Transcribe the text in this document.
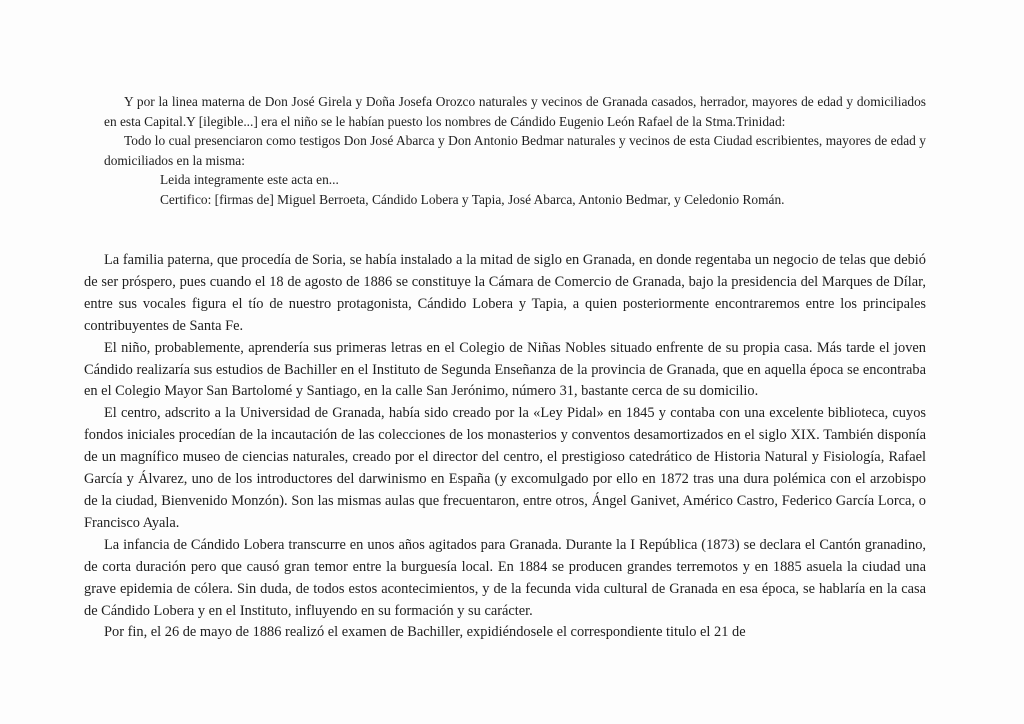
Y por la linea materna de Don José Girela y Doña Josefa Orozco naturales y vecinos de Granada casados, herrador, mayores de edad y domiciliados en esta Capital.Y [ilegible...] era el niño se le habían puesto los nombres de Cándido Eugenio León Rafael de la Stma.Trinidad:

Todo lo cual presenciaron como testigos Don José Abarca y Don Antonio Bedmar naturales y vecinos de esta Ciudad escribientes, mayores de edad y domiciliados en la misma:

Leida integramente este acta en...

Certifico: [firmas de] Miguel Berroeta, Cándido Lobera y Tapia, José Abarca, Antonio Bedmar, y Celedonio Román.

La familia paterna, que procedía de Soria, se había instalado a la mitad de siglo en Granada, en donde regentaba un negocio de telas que debió de ser próspero, pues cuando el 18 de agosto de 1886 se constituye la Cámara de Comercio de Granada, bajo la presidencia del Marques de Dílar, entre sus vocales figura el tío de nuestro protagonista, Cándido Lobera y Tapia, a quien posteriormente encontraremos entre los principales contribuyentes de Santa Fe.

El niño, probablemente, aprendería sus primeras letras en el Colegio de Niñas Nobles situado enfrente de su propia casa. Más tarde el joven Cándido realizaría sus estudios de Bachiller en el Instituto de Segunda Enseñanza de la provincia de Granada, que en aquella época se encontraba en el Colegio Mayor San Bartolomé y Santiago, en la calle San Jerónimo, número 31, bastante cerca de su domicilio.

El centro, adscrito a la Universidad de Granada, había sido creado por la «Ley Pidal» en 1845 y contaba con una excelente biblioteca, cuyos fondos iniciales procedían de la incautación de las colecciones de los monasterios y conventos desamortizados en el siglo XIX. También disponía de un magnífico museo de ciencias naturales, creado por el director del centro, el prestigioso catedrático de Historia Natural y Fisiología, Rafael García y Álvarez, uno de los introductores del darwinismo en España (y excomulgado por ello en 1872 tras una dura polémica con el arzobispo de la ciudad, Bienvenido Monzón). Son las mismas aulas que frecuentaron, entre otros, Ángel Ganivet, Américo Castro, Federico García Lorca, o Francisco Ayala.

La infancia de Cándido Lobera transcurre en unos años agitados para Granada. Durante la I República (1873) se declara el Cantón granadino, de corta duración pero que causó gran temor entre la burguesía local. En 1884 se producen grandes terremotos y en 1885 asuela la ciudad una grave epidemia de cólera. Sin duda, de todos estos acontecimientos, y de la fecunda vida cultural de Granada en esa época, se hablaría en la casa de Cándido Lobera y en el Instituto, influyendo en su formación y su carácter.

Por fin, el 26 de mayo de 1886 realizó el examen de Bachiller, expidiéndosele el correspondiente titulo el 21 de
